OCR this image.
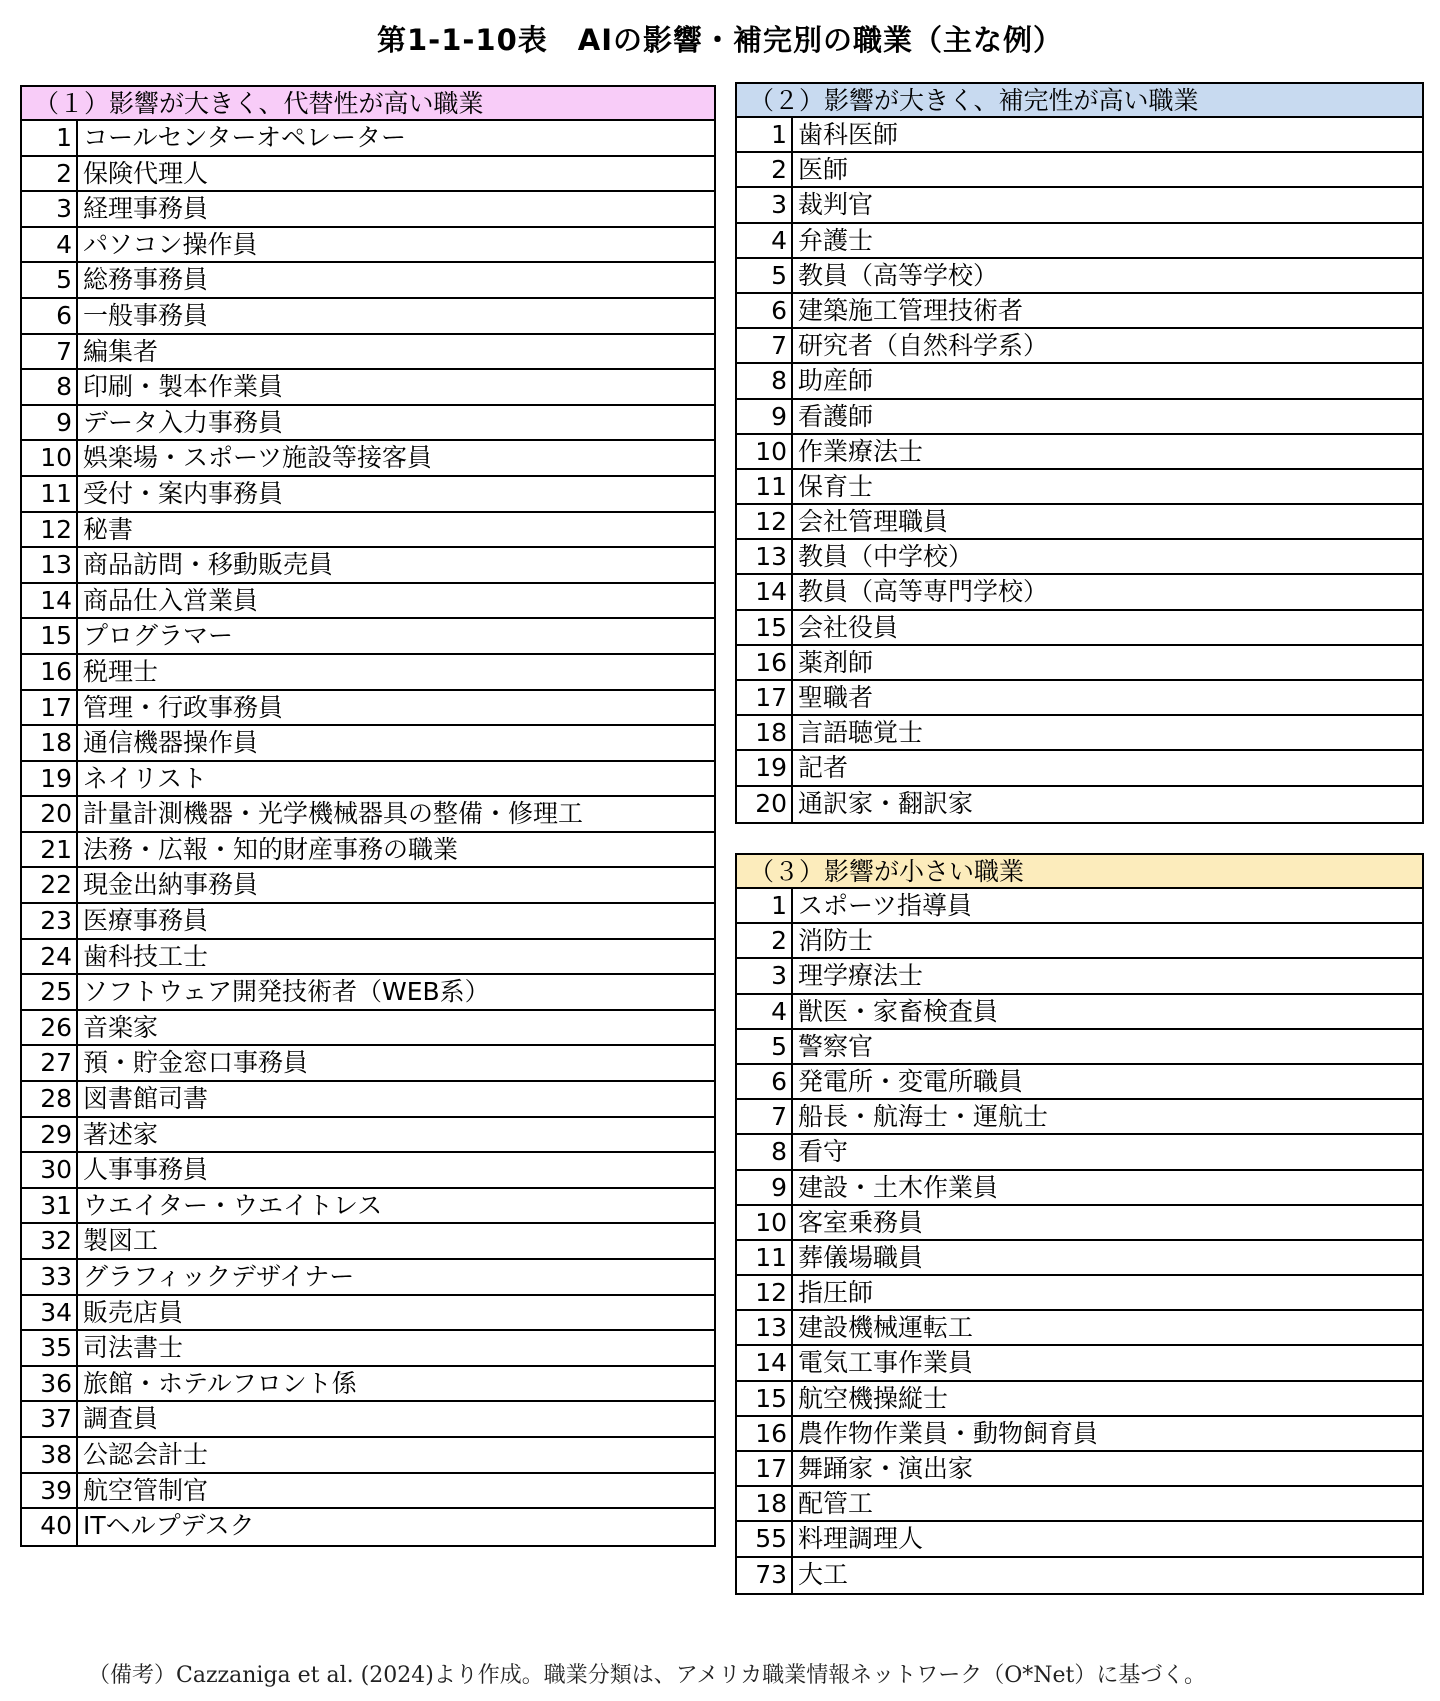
第1-1-10表　AIの影響・補完別の職業（主な例）
（１）影響が大きく、代替性が高い職業
1 コールセンターオペレーター
2 保険代理人
3 経理事務員
4 パソコン操作員
5 総務事務員
6 一般事務員
7 編集者
8 印刷・製本作業員
9 データ入力事務員
10 娯楽場・スポーツ施設等接客員
11 受付・案内事務員
12 秘書
13 商品訪問・移動販売員
14 商品仕入営業員
15 プログラマー
16 税理士
17 管理・行政事務員
18 通信機器操作員
19 ネイリスト
20 計量計測機器・光学機械器具の整備・修理工
21 法務・広報・知的財産事務の職業
22 現金出納事務員
23 医療事務員
24 歯科技工士
25 ソフトウェア開発技術者（WEB系）
26 音楽家
27 預・貯金窓口事務員
28 図書館司書
29 著述家
30 人事事務員
31 ウエイター・ウエイトレス
32 製図工
33 グラフィックデザイナー
34 販売店員
35 司法書士
36 旅館・ホテルフロント係
37 調査員
38 公認会計士
39 航空管制官
40 ITヘルプデスク
（２）影響が大きく、補完性が高い職業
1 歯科医師
2 医師
3 裁判官
4 弁護士
5 教員（高等学校）
6 建築施工管理技術者
7 研究者（自然科学系）
8 助産師
9 看護師
10 作業療法士
11 保育士
12 会社管理職員
13 教員（中学校）
14 教員（高等専門学校）
15 会社役員
16 薬剤師
17 聖職者
18 言語聴覚士
19 記者
20 通訳家・翻訳家
（３）影響が小さい職業
1 スポーツ指導員
2 消防士
3 理学療法士
4 獣医・家畜検査員
5 警察官
6 発電所・変電所職員
7 船長・航海士・運航士
8 看守
9 建設・土木作業員
10 客室乗務員
11 葬儀場職員
12 指圧師
13 建設機械運転工
14 電気工事作業員
15 航空機操縦士
16 農作物作業員・動物飼育員
17 舞踊家・演出家
18 配管工
55 料理調理人
73 大工
（備考）Cazzaniga et al. (2024)より作成。職業分類は、アメリカ職業情報ネットワーク（O*Net）に基づく。
